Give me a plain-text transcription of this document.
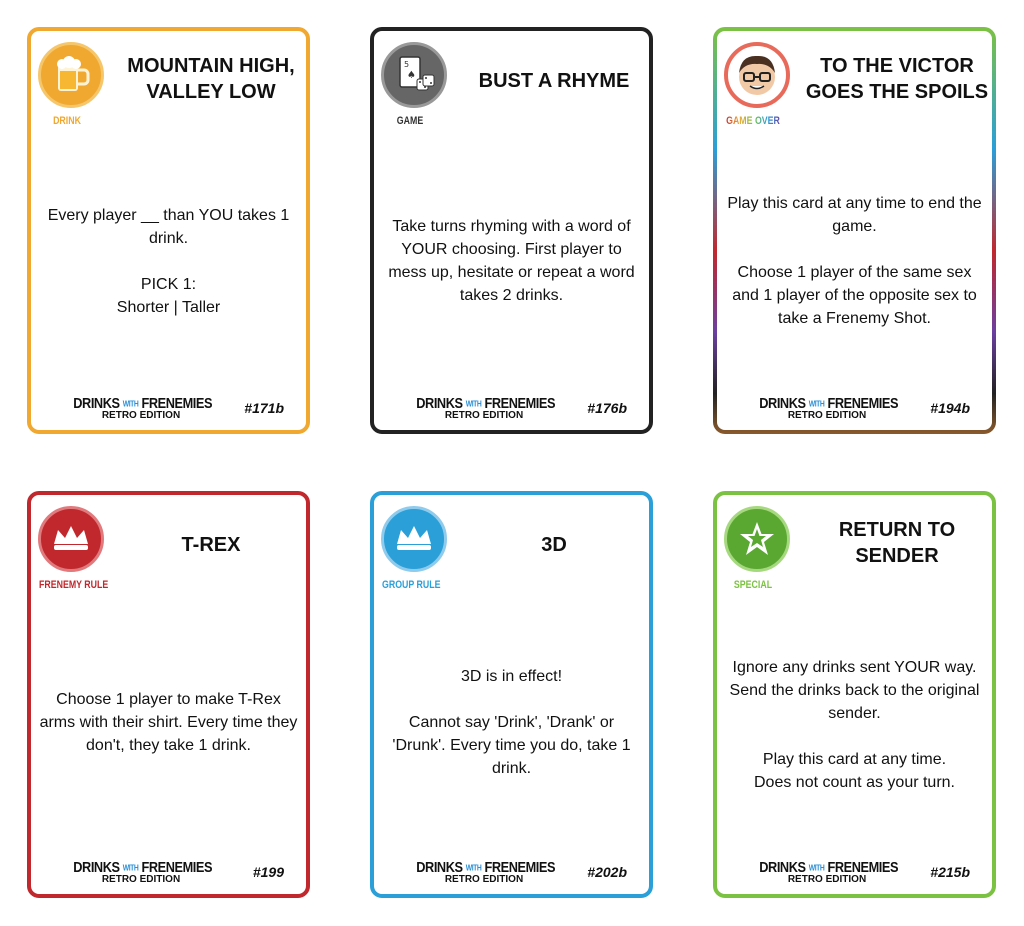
DRINK
MOUNTAIN HIGH,
VALLEY LOW
Every player __ than YOU takes 1 drink.

PICK 1:
Shorter | Taller
DRINKS WITH FRENEMIES
RETRO EDITION	#171b
5
♠
GAME
BUST A RHYME
Take turns rhyming with a word of YOUR choosing. First player to mess up, hesitate or repeat a word takes 2 drinks.
DRINKS WITH FRENEMIES
RETRO EDITION	#176b
GAME OVER
TO THE VICTOR
GOES THE SPOILS
Play this card at any time to end the game.

Choose 1 player of the same sex and 1 player of the opposite sex to take a Frenemy Shot.
DRINKS WITH FRENEMIES
RETRO EDITION	#194b
FRENEMY RULE
T-REX
Choose 1 player to make T-Rex arms with their shirt. Every time they don't, they take 1 drink.
DRINKS WITH FRENEMIES
RETRO EDITION	#199
GROUP RULE
3D
3D is in effect!

Cannot say 'Drink', 'Drank' or 'Drunk'. Every time you do, take 1 drink.
DRINKS WITH FRENEMIES
RETRO EDITION	#202b
SPECIAL
RETURN TO
SENDER
Ignore any drinks sent YOUR way. Send the drinks back to the original sender.

Play this card at any time.
Does not count as your turn.
DRINKS WITH FRENEMIES
RETRO EDITION	#215b
